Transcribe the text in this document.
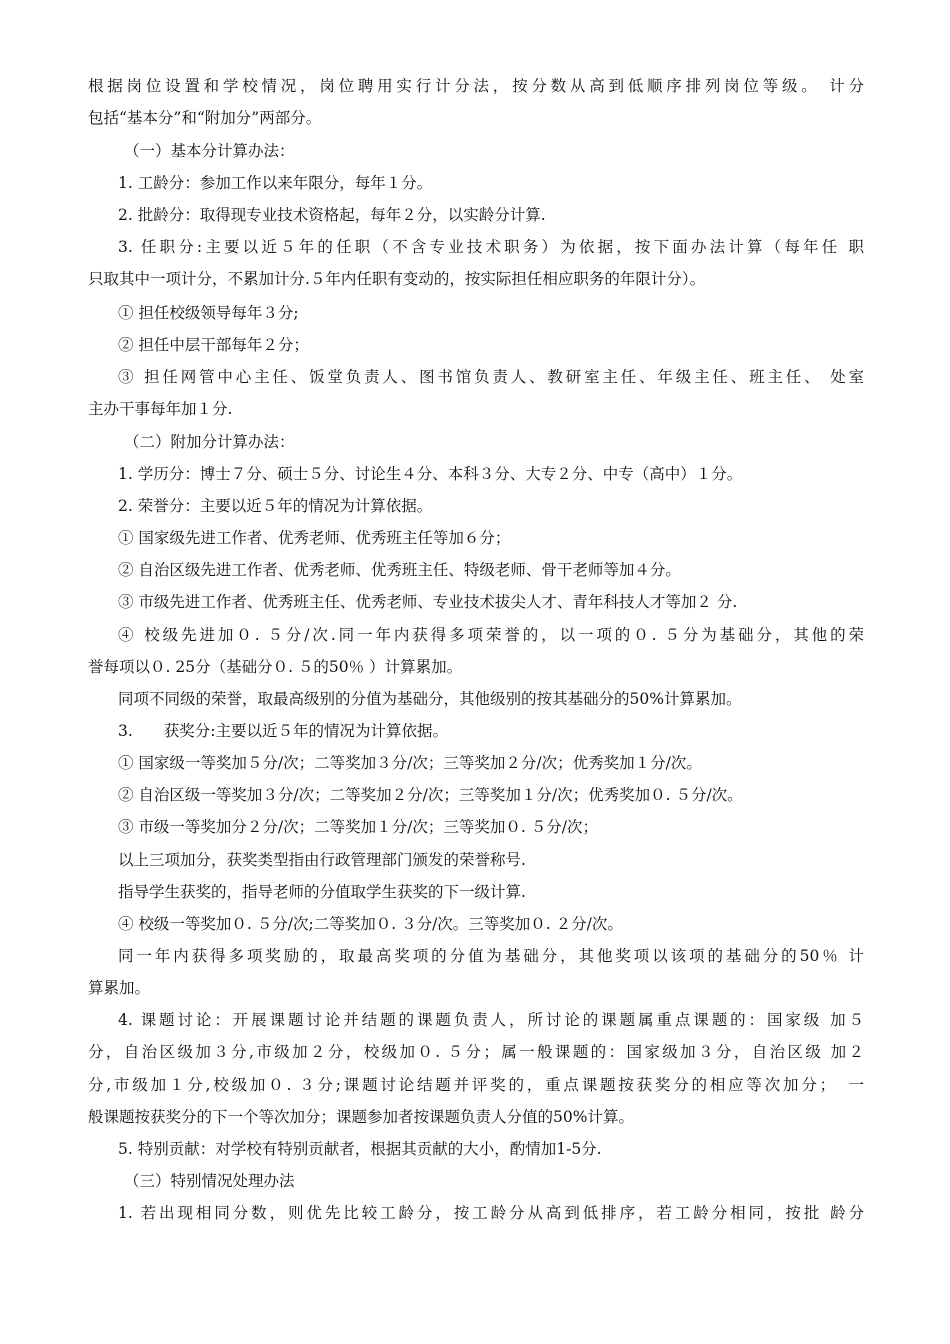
根据岗位设置和学校情况，岗位聘用实行计分法，按分数从高到低顺序排列岗位等级。 计分
包括“基本分”和“附加分”两部分。
（一）基本分计算办法：
1. 工龄分：参加工作以来年限分，每年１分。
2. 批龄分：取得现专业技术资格起，每年２分，以实龄分计算.
3. 任职分:主要以近５年的任职（不含专业技术职务）为依据，按下面办法计算（每年任 职
只取其中一项计分，不累加计分.５年内任职有变动的，按实际担任相应职务的年限计分）。
① 担任校级领导每年３分;
② 担任中层干部每年２分；
③ 担任网管中心主任、饭堂负责人、图书馆负责人、教研室主任、年级主任、班主任、 处室
主办干事每年加１分.
（二）附加分计算办法：
1. 学历分：博士７分、硕士５分、讨论生４分、本科３分、大专２分、中专（高中）１分。
2. 荣誉分：主要以近５年的情况为计算依据。
① 国家级先进工作者、优秀老师、优秀班主任等加６分；
② 自治区级先进工作者、优秀老师、优秀班主任、特级老师、骨干老师等加４分。
③ 市级先进工作者、优秀班主任、优秀老师、专业技术拔尖人才、青年科技人才等加２ 分.
④ 校级先进加０. ５分/次.同一年内获得多项荣誉的，以一项的０. ５分为基础分，其他的荣
誉每项以０. 25分（基础分０. ５的50％ ）计算累加。
同项不同级的荣誉，取最高级别的分值为基础分，其他级别的按其基础分的50%计算累加。
3.　　获奖分:主要以近５年的情况为计算依据。
① 国家级一等奖加５分/次；二等奖加３分/次；三等奖加２分/次；优秀奖加１分/次。
② 自治区级一等奖加３分/次；二等奖加２分/次；三等奖加１分/次；优秀奖加０. ５分/次。
③ 市级一等奖加分２分/次；二等奖加１分/次；三等奖加０. ５分/次；
以上三项加分，获奖类型指由行政管理部门颁发的荣誉称号.
指导学生获奖的，指导老师的分值取学生获奖的下一级计算.
④ 校级一等奖加０. ５分/次;二等奖加０. ３分/次。三等奖加０. ２分/次。
同一年内获得多项奖励的，取最高奖项的分值为基础分，其他奖项以该项的基础分的50％ 计
算累加。
4. 课题讨论：开展课题讨论并结题的课题负责人，所讨论的课题属重点课题的：国家级 加５
分，自治区级加３分,市级加２分，校级加０. ５分；属一般课题的：国家级加３分，自治区级 加２
分,市级加１分,校级加０. ３分;课题讨论结题并评奖的，重点课题按获奖分的相应等次加分；　一
般课题按获奖分的下一个等次加分；课题参加者按课题负责人分值的50%计算。
5. 特别贡献：对学校有特别贡献者，根据其贡献的大小，酌情加1-5分.
（三）特别情况处理办法
1. 若出现相同分数，则优先比较工龄分，按工龄分从高到低排序，若工龄分相同，按批 龄分
